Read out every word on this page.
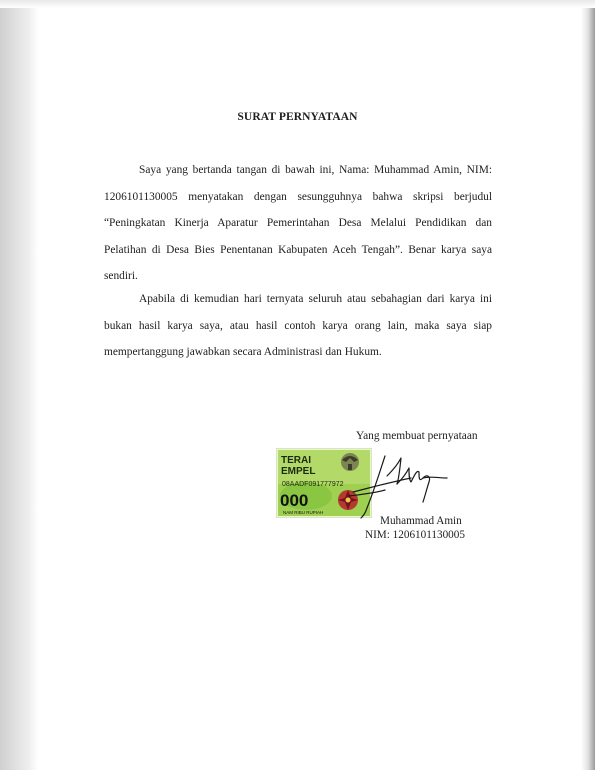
SURAT PERNYATAAN

Saya yang bertanda tangan di bawah ini, Nama: Muhammad Amin, NIM: 1206101130005 menyatakan dengan sesungguhnya bahwa skripsi berjudul “Peningkatan Kinerja Aparatur Pemerintahan Desa Melalui Pendidikan dan Pelatihan di Desa Bies Penentanan Kabupaten Aceh Tengah”. Benar karya saya sendiri.

Apabila di kemudian hari ternyata seluruh atau sebahagian dari karya ini bukan hasil karya saya, atau hasil contoh karya orang lain, maka saya siap mempertanggung jawabkan secara Administrasi dan Hukum.

Yang membuat pernyataan
TERAI
EMPEL
08AADF091777972
000
NAM RIBU RUPIAH
Muhammad Amin
NIM: 1206101130005
